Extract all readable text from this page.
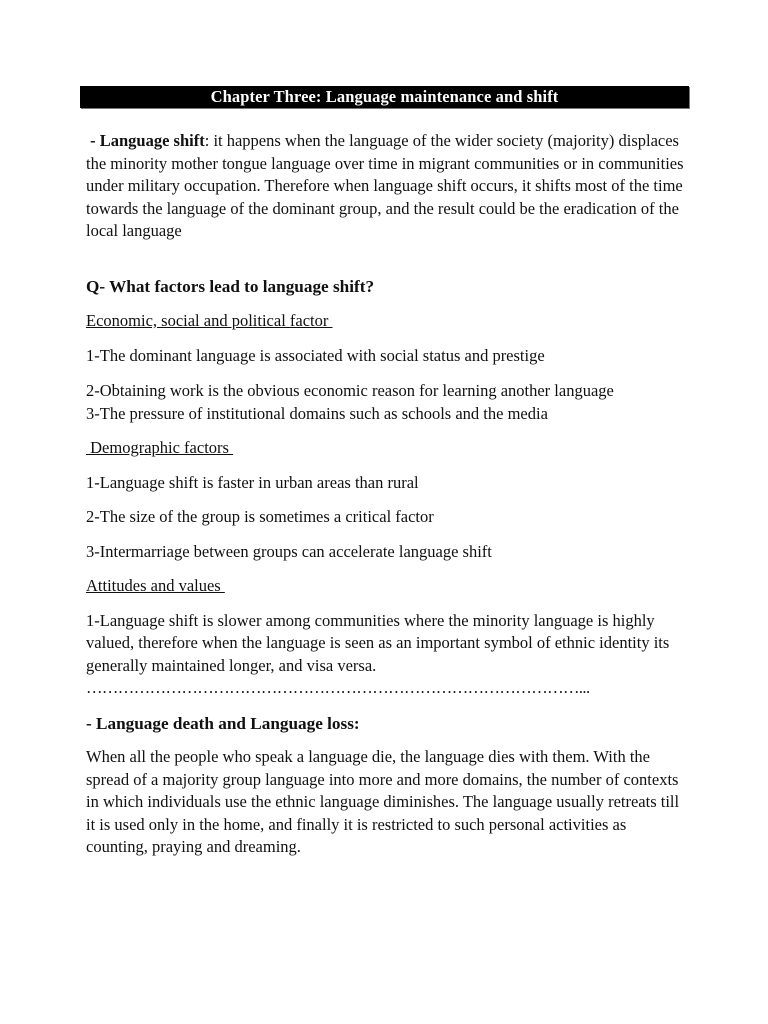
Chapter Three: Language maintenance and shift

- Language shift: it happens when the language of the wider society (majority) displaces the minority mother tongue language over time in migrant communities or in communities under military occupation. Therefore when language shift occurs, it shifts most of the time towards the language of the dominant group, and the result could be the eradication of the local language

Q- What factors lead to language shift?

Economic, social and political factor

1-The dominant language is associated with social status and prestige

2-Obtaining work is the obvious economic reason for learning another language

3-The pressure of institutional domains such as schools and the media

Demographic factors

1-Language shift is faster in urban areas than rural

2-The size of the group is sometimes a critical factor

3-Intermarriage between groups can accelerate language shift

Attitudes and values

1-Language shift is slower among communities where the minority language is highly valued, therefore when the language is seen as an important symbol of ethnic identity its generally maintained longer, and visa versa.

…………………………………………………………………………………...

- Language death and Language loss:

When all the people who speak a language die, the language dies with them. With the spread of a majority group language into more and more domains, the number of contexts in which individuals use the ethnic language diminishes. The language usually retreats till it is used only in the home, and finally it is restricted to such personal activities as counting, praying and dreaming.
